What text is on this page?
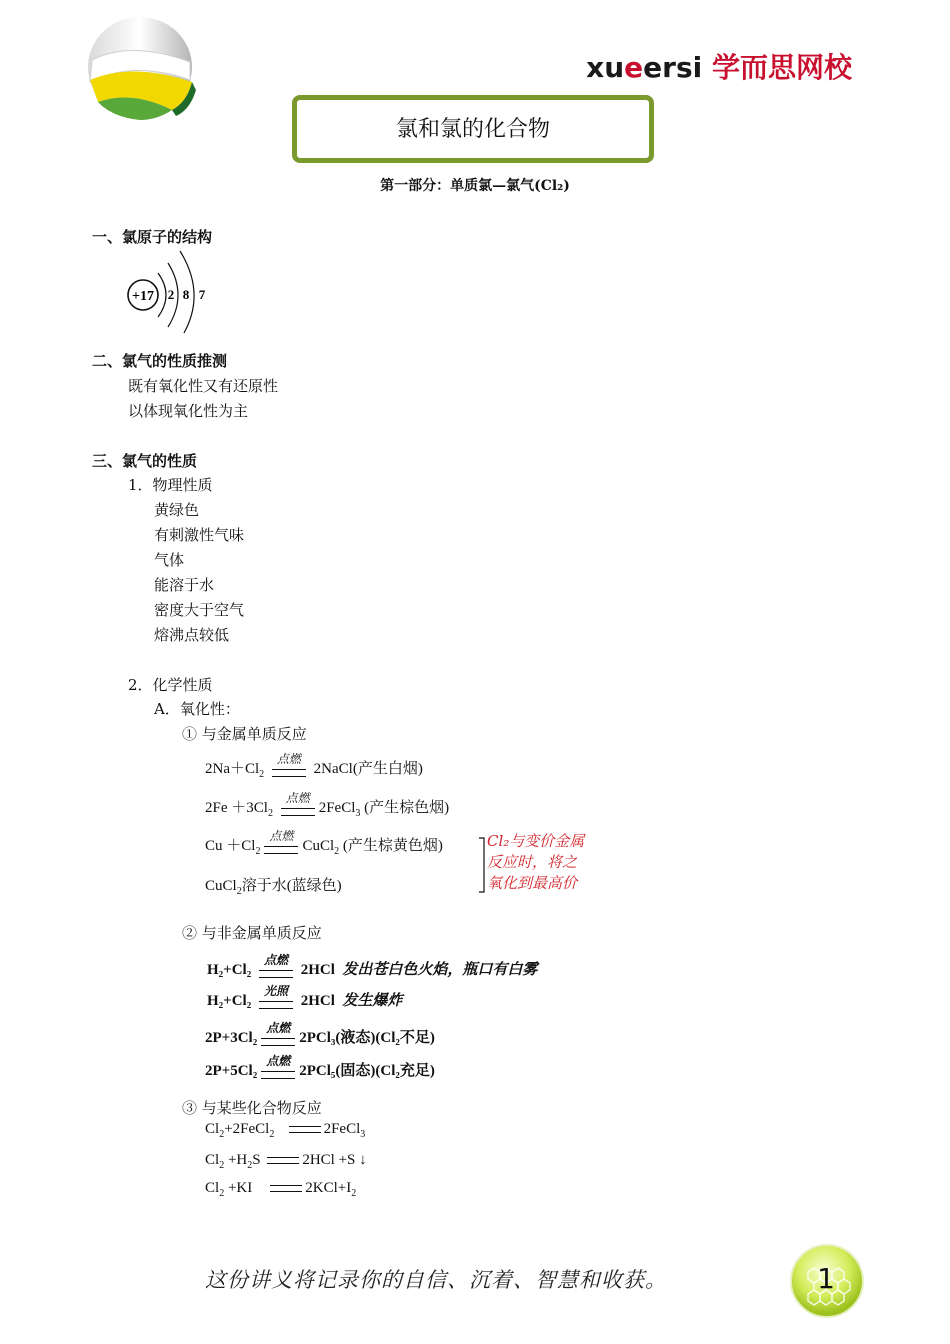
xueersi 学而思网校
氯和氯的化合物
第一部分：单质氯—氯气(Cl₂)
一、氯原子的结构
+17 2 8 7
二、氯气的性质推测
既有氧化性又有还原性
以体现氧化性为主
三、氯气的性质
1．物理性质
黄绿色
有刺激性气味
气体
能溶于水
密度大于空气
熔沸点较低
2．化学性质
A．氧化性：
① 与金属单质反应
$2Na+Cl_2$
点燃
2NaCl(产生白烟)
$2Fe +3Cl_2$
点燃
2FeCl$_3$ (产生棕色烟)
$Cu +Cl_2$
点燃
CuCl$_2$ (产生棕黄色烟)
CuCl$_2$溶于水(蓝绿色)
Cl₂与变价金属
反应时，将之
氧化到最高价
② 与非金属单质反应
H₂+Cl₂
点燃
2HCl 发出苍白色火焰，瓶口有白雾
H₂+Cl₂
光照
2HCl 发生爆炸
2P+3Cl₂
点燃
2PCl₃(液态)(Cl₂不足)
2P+5Cl₂
点燃
2PCl₅(固态)(Cl₂充足)
③ 与某些化合物反应
$Cl_2+2FeCl_2$	2FeCl$_3$
$Cl_2 +H_2S$	2HCl +S ↓
$Cl_2 +KI$	$2KCl+I_2$
这份讲义将记录你的自信、沉着、智慧和收获。	1
